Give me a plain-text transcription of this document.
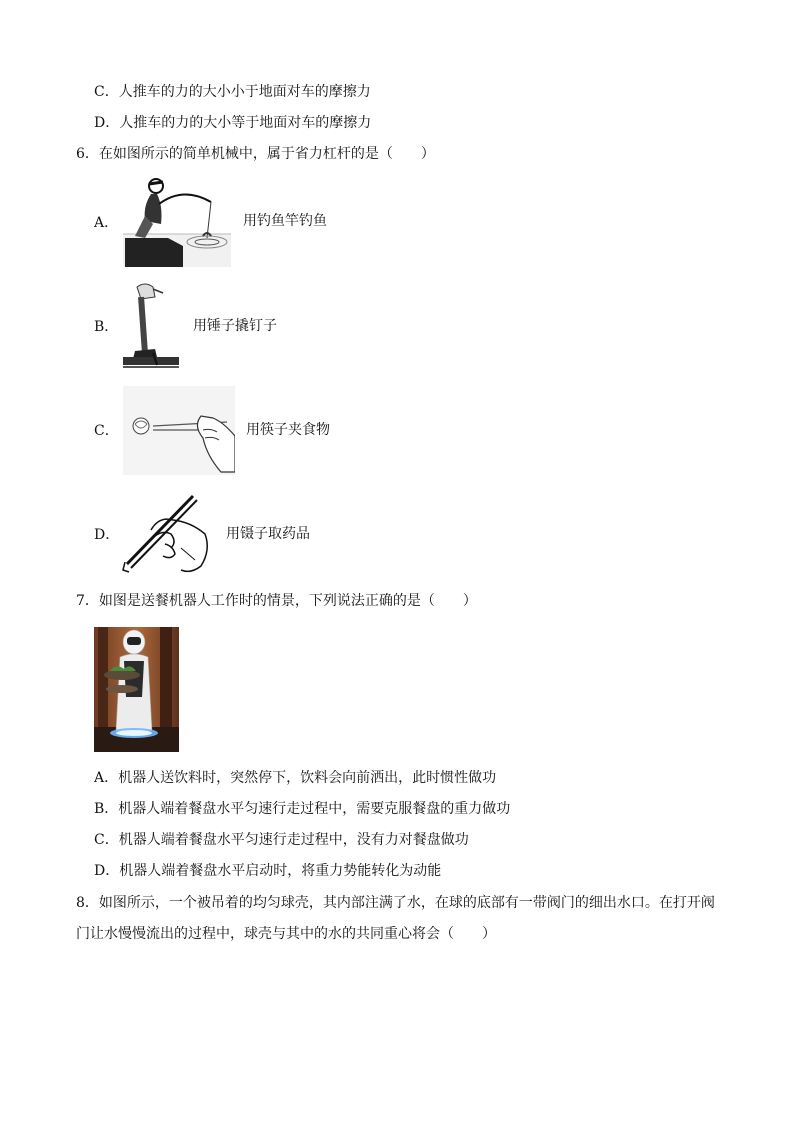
C．人推车的力的大小小于地面对车的摩擦力
D．人推车的力的大小等于地面对车的摩擦力
6．在如图所示的简单机械中，属于省力杠杆的是（　　）
A．	用钓鱼竿钓鱼
B．	用锤子撬钉子
C．	用筷子夹食物
D．	用镊子取药品
7．如图是送餐机器人工作时的情景，下列说法正确的是（　　）
A．机器人送饮料时，突然停下，饮料会向前洒出，此时惯性做功
B．机器人端着餐盘水平匀速行走过程中，需要克服餐盘的重力做功
C．机器人端着餐盘水平匀速行走过程中，没有力对餐盘做功
D．机器人端着餐盘水平启动时，将重力势能转化为动能
8．如图所示，一个被吊着的均匀球壳，其内部注满了水，在球的底部有一带阀门的细出水口。在打开阀
门让水慢慢流出的过程中，球壳与其中的水的共同重心将会（　　）
